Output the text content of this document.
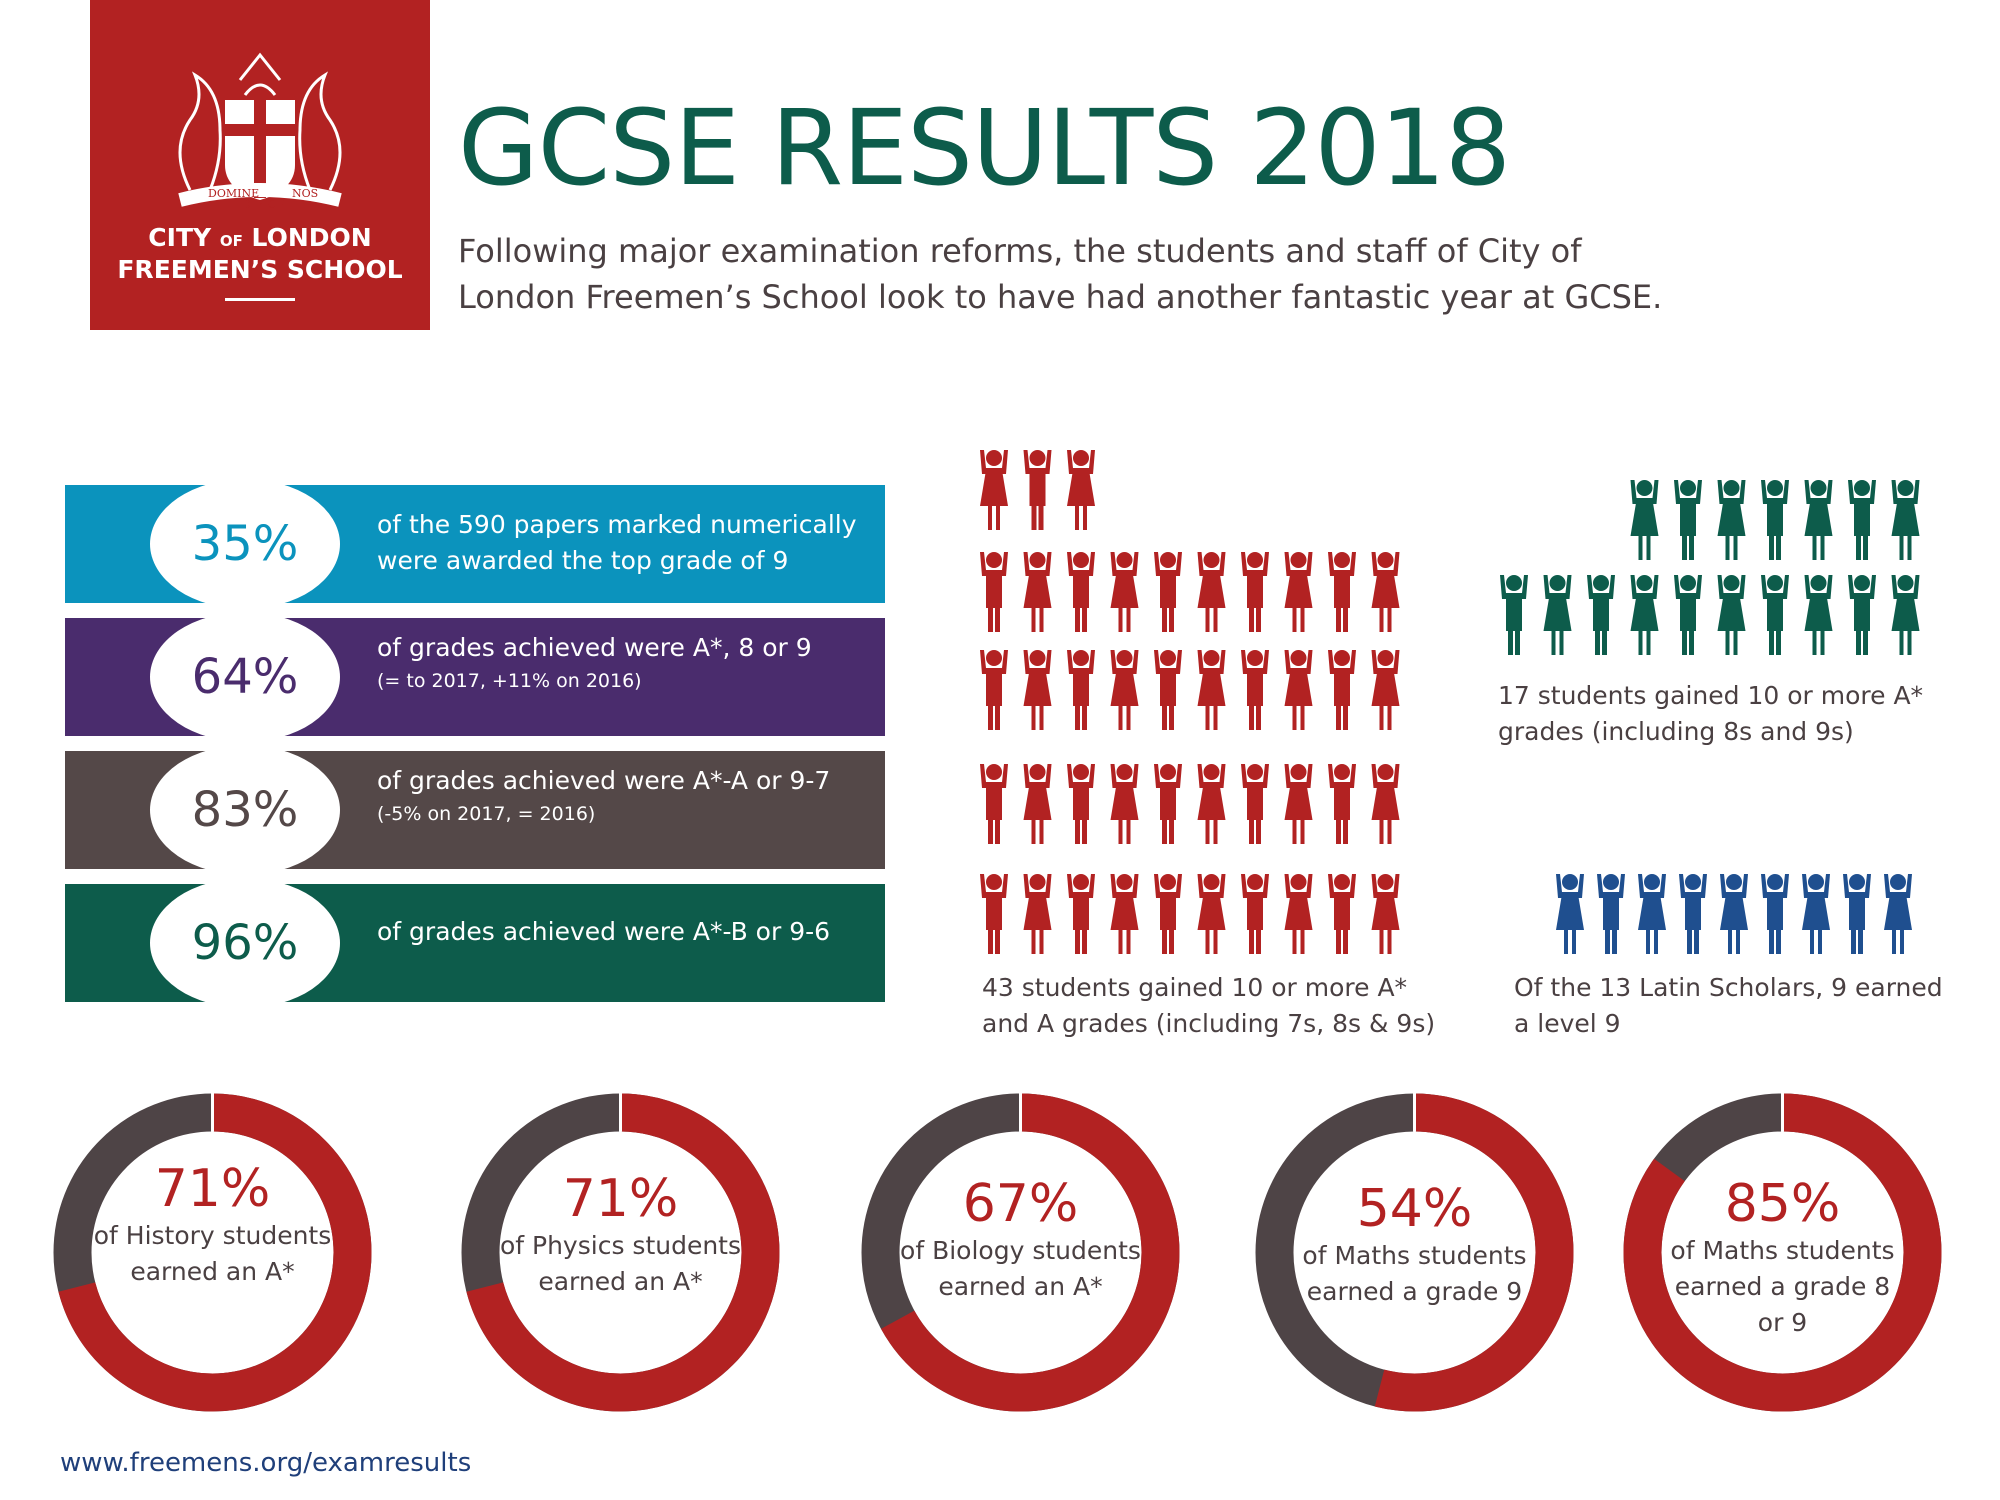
DOMINE
DIRIGE
NOS
CITY OF LONDON
FREEMEN’S SCHOOL
GCSE RESULTS 2018
Following major examination reforms, the students and staff of City of London Freemen’s School look to have had another fantastic year at GCSE.
35%	of the 590 papers marked numerically were awarded the top grade of 9
64%
of grades achieved were A*, 8 or 9
(= to 2017, +11% on 2016)
83%
of grades achieved were A*-A or 9-7
(-5% on 2017, = 2016)
96%	of grades achieved were A*-B or 9-6
43 students gained 10 or more A* and A grades (including 7s, 8s & 9s)
17 students gained 10 or more A* grades (including 8s and 9s)
Of the 13 Latin Scholars, 9 earned a level 9
71%
of History students earned an A*
71%
of Physics students earned an A*
67%
of Biology students earned an A*
54%
of Maths students earned a grade 9
85%
of Maths students earned a grade 8 or 9
www.freemens.org/examresults
